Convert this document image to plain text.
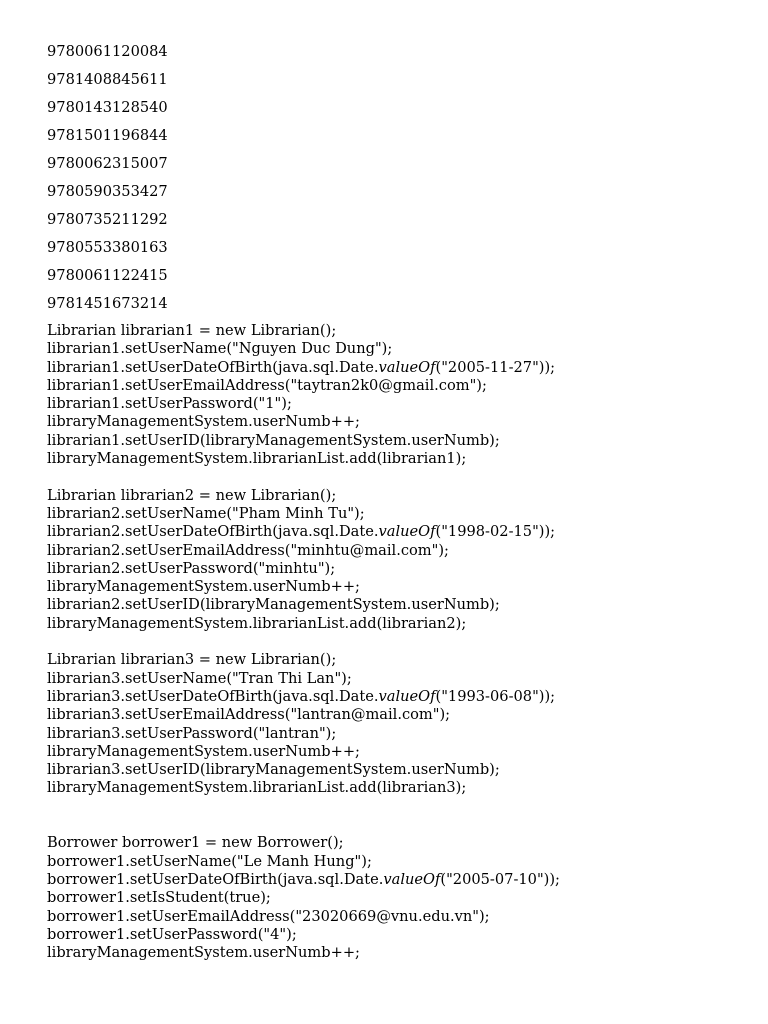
9780061120084
9781408845611
9780143128540
9781501196844
9780062315007
9780590353427
9780735211292
9780553380163
9780061122415
9781451673214
Librarian librarian1 = new Librarian();
librarian1.setUserName("Nguyen Duc Dung");
librarian1.setUserDateOfBirth(java.sql.Date.valueOf("2005-11-27"));
librarian1.setUserEmailAddress("taytran2k0@gmail.com");
librarian1.setUserPassword("1");
libraryManagementSystem.userNumb++;
librarian1.setUserID(libraryManagementSystem.userNumb);
libraryManagementSystem.librarianList.add(librarian1);
Librarian librarian2 = new Librarian();
librarian2.setUserName("Pham Minh Tu");
librarian2.setUserDateOfBirth(java.sql.Date.valueOf("1998-02-15"));
librarian2.setUserEmailAddress("minhtu@mail.com");
librarian2.setUserPassword("minhtu");
libraryManagementSystem.userNumb++;
librarian2.setUserID(libraryManagementSystem.userNumb);
libraryManagementSystem.librarianList.add(librarian2);
Librarian librarian3 = new Librarian();
librarian3.setUserName("Tran Thi Lan");
librarian3.setUserDateOfBirth(java.sql.Date.valueOf("1993-06-08"));
librarian3.setUserEmailAddress("lantran@mail.com");
librarian3.setUserPassword("lantran");
libraryManagementSystem.userNumb++;
librarian3.setUserID(libraryManagementSystem.userNumb);
libraryManagementSystem.librarianList.add(librarian3);
Borrower borrower1 = new Borrower();
borrower1.setUserName("Le Manh Hung");
borrower1.setUserDateOfBirth(java.sql.Date.valueOf("2005-07-10"));
borrower1.setIsStudent(true);
borrower1.setUserEmailAddress("23020669@vnu.edu.vn");
borrower1.setUserPassword("4");
libraryManagementSystem.userNumb++;
